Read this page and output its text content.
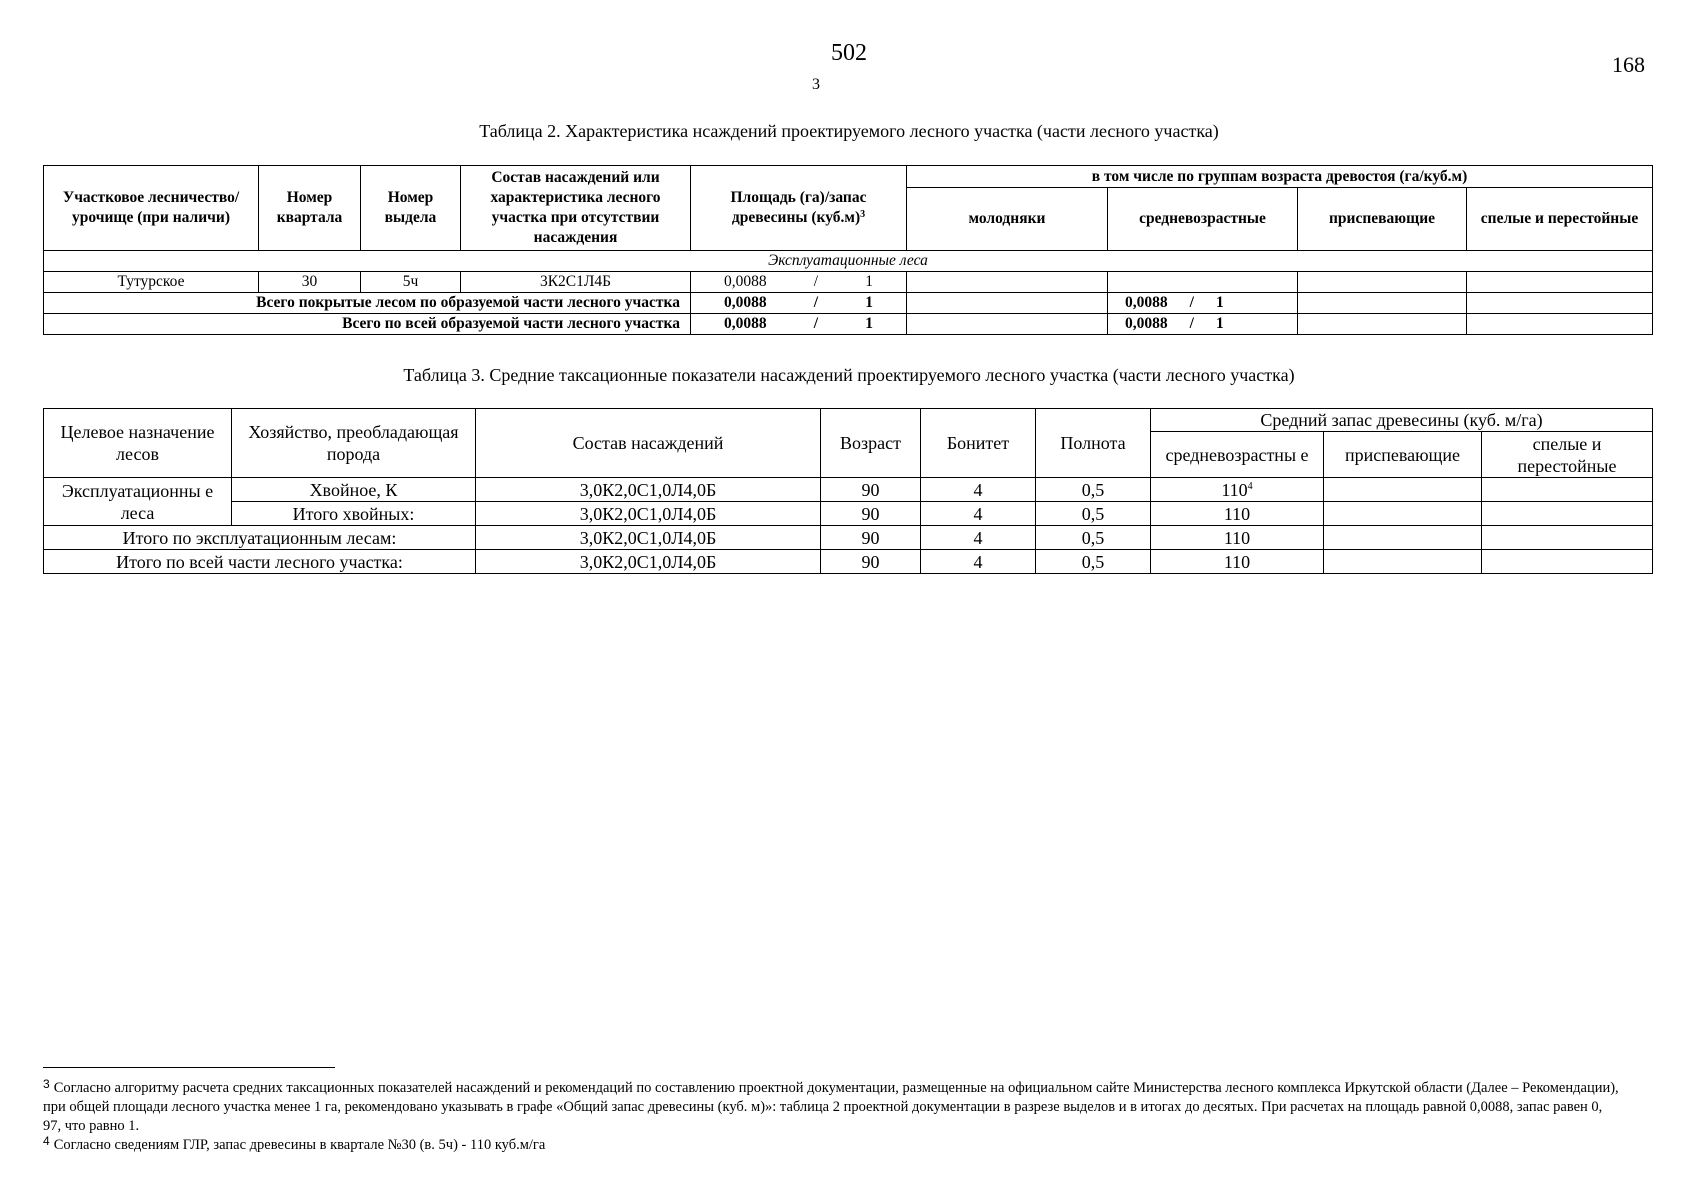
502
3
168
Таблица 2. Характеристика нсаждений проектируемого лесного участка (части лесного участка)
Участковое лесничество/ урочище (при наличи)	Номер квартала	Номер выдела	Состав насаждений или характеристика лесного участка при отсутствии насаждения	Площадь (га)/запас древесины $(куб.м)^3$	в том числе по группам возраста древостоя (га/куб.м)			
					молодняки	средневозрастные	приспевающие	спелые и перестойные
Эксплуатационные леса								
Тутурское	30	5ч	3К2С1Л4Б	0,0088 / 1				

Всего покрытые лесом по образуемой части лесного участка				0,0088 / 1		0,0088 / 1		

Всего по всей образуемой части лесного участка				0,0088 / 1		0,0088 / 1		

Таблица 3. Средние таксационные показатели насаждений проектируемого лесного участка (части лесного участка)
Целевое назначение лесов	Хозяйство, преобладающая порода	Состав насаждений	Возраст	Бонитет	Полнота	Средний запас древесины (куб. м/га)		
						средневозрастны е	приспевающие	спелые и перестойные
Эксплуатационны е леса	Хвойное, К	3,0К2,0С1,0Л4,0Б	90	4	0,5	$110^4$		
	Итого хвойных:	3,0К2,0С1,0Л4,0Б	90	4	0,5	110		
Итого по эксплуатационным лесам:		3,0К2,0С1,0Л4,0Б	90	4	0,5	110		
Итого по всей части лесного участка:		3,0К2,0С1,0Л4,0Б	90	4	0,5	110		
$^3$ Согласно алгоритму расчета средних таксационных показателей насаждений и рекомендаций по составлению проектной документации, размещенные на официальном сайте Министерства лесного комплекса Иркутской области (Далее – Рекомендации), при общей площади лесного участка менее 1 га, рекомендовано указывать в графе «Общий запас древесины (куб. м)»: таблица 2 проектной документации в разрезе выделов и в итогах до десятых. При расчетах на площадь равной 0,0088, запас равен 0, 97, что равно 1.
$^4$ Согласно сведениям ГЛР, запас древесины в квартале №30 (в. 5ч) - 110 куб.м/га
